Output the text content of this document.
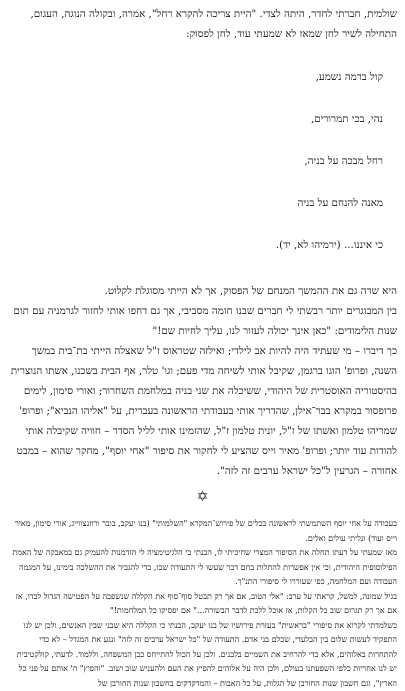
שולמית, חברתי לחדר, היתה לצדי. "היית צריכה להקרא רחל", אמרה, ובקולה הנוגה, העגום, התחילה לשיר לחן שמאז לא שמעתי עוד, לחן לפסוק:

קול ברמה נשמע,

נהי, בכי תמרורים,

רחל מבכה על בניה,

מאנה להנחם על בניה

כי איננו... (ירמיהו לא, יד).

היא שרה גם את ההמשך המנחם של הפסוק, אך לא הייתי מסוגלת לקלוט.

בין המבוגרים יותר רבשתי לי חברים שבנו חומה מסביבי, אך גם דחפו אותי לחזור לגרמניה עם תום שנות הלימודים: "כאן אינך יכולה לעזור לנו, עליך לחיות שם!"

כך דיברו – מי שעתיד היה להיות אב לילדי; ואילזה שטראוס ז"ל שאצלה הייתי בת־בית במשך השנה, ופרופ' הוגו ברגמן, שקיבל אותי לשיחה מדי פעם; וגו' טלר, אף הבית בשכנו, אשתו הנוצרית בהיסטוריה האוסטרית של היהודי, ששיכלה את שני בניה במלחמת השחרור; ואורי סימון, לימים פרופסור במקרא בבר־אילן, שהדריך אותי בעבודתי הראשונה בעברית, על "אליהו הנביא"; ופרופ' שמריהו טלמון ואשתו של ז"ל, יונית טלמון ז"ל, שהזמינו אותי לליל הסדר – חוויה שקיבלה אותי להודות עוד יותר; ופרופ' מאיר וייס שהציע לי לחקור את סיפור "אחי יוסף", מחקר שהוא – במבט אחורה – הגרעין ל"כל ישראל ערבים זה לזה".

✡

בעבודה על אחי יוסף השתמשתי לראשונה בכלים של פירוש־המקרא "השלמותי" (בנו יעקב, בובר ורוזנצווייג, אורי סימון, מאיר וייס ועוד) ונליתי עולים ואלים.

מאז שמעתי על דעתו תחלה את הסיפור המצרי שחיכיתי לו, הבנתי כי הלגיטימציה לי הזדמנות להעמיק גם במאבקה של האמת הפילוסופית היהודית, וכי אין אפשרות להתלות בחם דבר שעשו לי התעודה שבו, כדי להגביר את ההשלכה בימינו, על המגמה העבודה ועם המלחמה, כפי שעוררו לי סיפורי התנ"ך.

בגיל שמונה, למשל, קראתי על ערב: "אלי הטוב, אם אך רק תבטל סוף־סוף את הקללה שנשפכה על הפטישה הגדול לבדו, אז אם אך רק תגרום שוב כל הקלות, אז אוכל ללכת לדבר הבשורה..." אם יפסיקו כל המלחמות!"

כשלמדתי לקרוא את סיפורי "בראשית" בעזרת פירושיו של בנו יעקב, הבנתי כי הקללה היא שבני שבין האנשים, ולכן יש לנו התפקיד לעשות שלום בין הבלעדי, שכלם בני אדם. התעודה של "כל ישראל ערבים זה לזה" ונגע את המגדל – לא כדי להתחרות באלוהים, אלא כדי להרחיב את השמיים בלבנים. ולכן על הכול להתייחס כבן המשפחה, וללמוד. לדעתי, קולקטיבית יש לנו אחריות כלפי השפעתנו בעולם, ולכן היה על אלוהים להפיץ את העם ולהעניש שוב ושוב. "והפיץ" ה' אותם על פני כל הארץ", וגם חשבון שנות החורבן של הגלות, על כל האבות – והמדקדקים בחשבון שנות החורבן של
